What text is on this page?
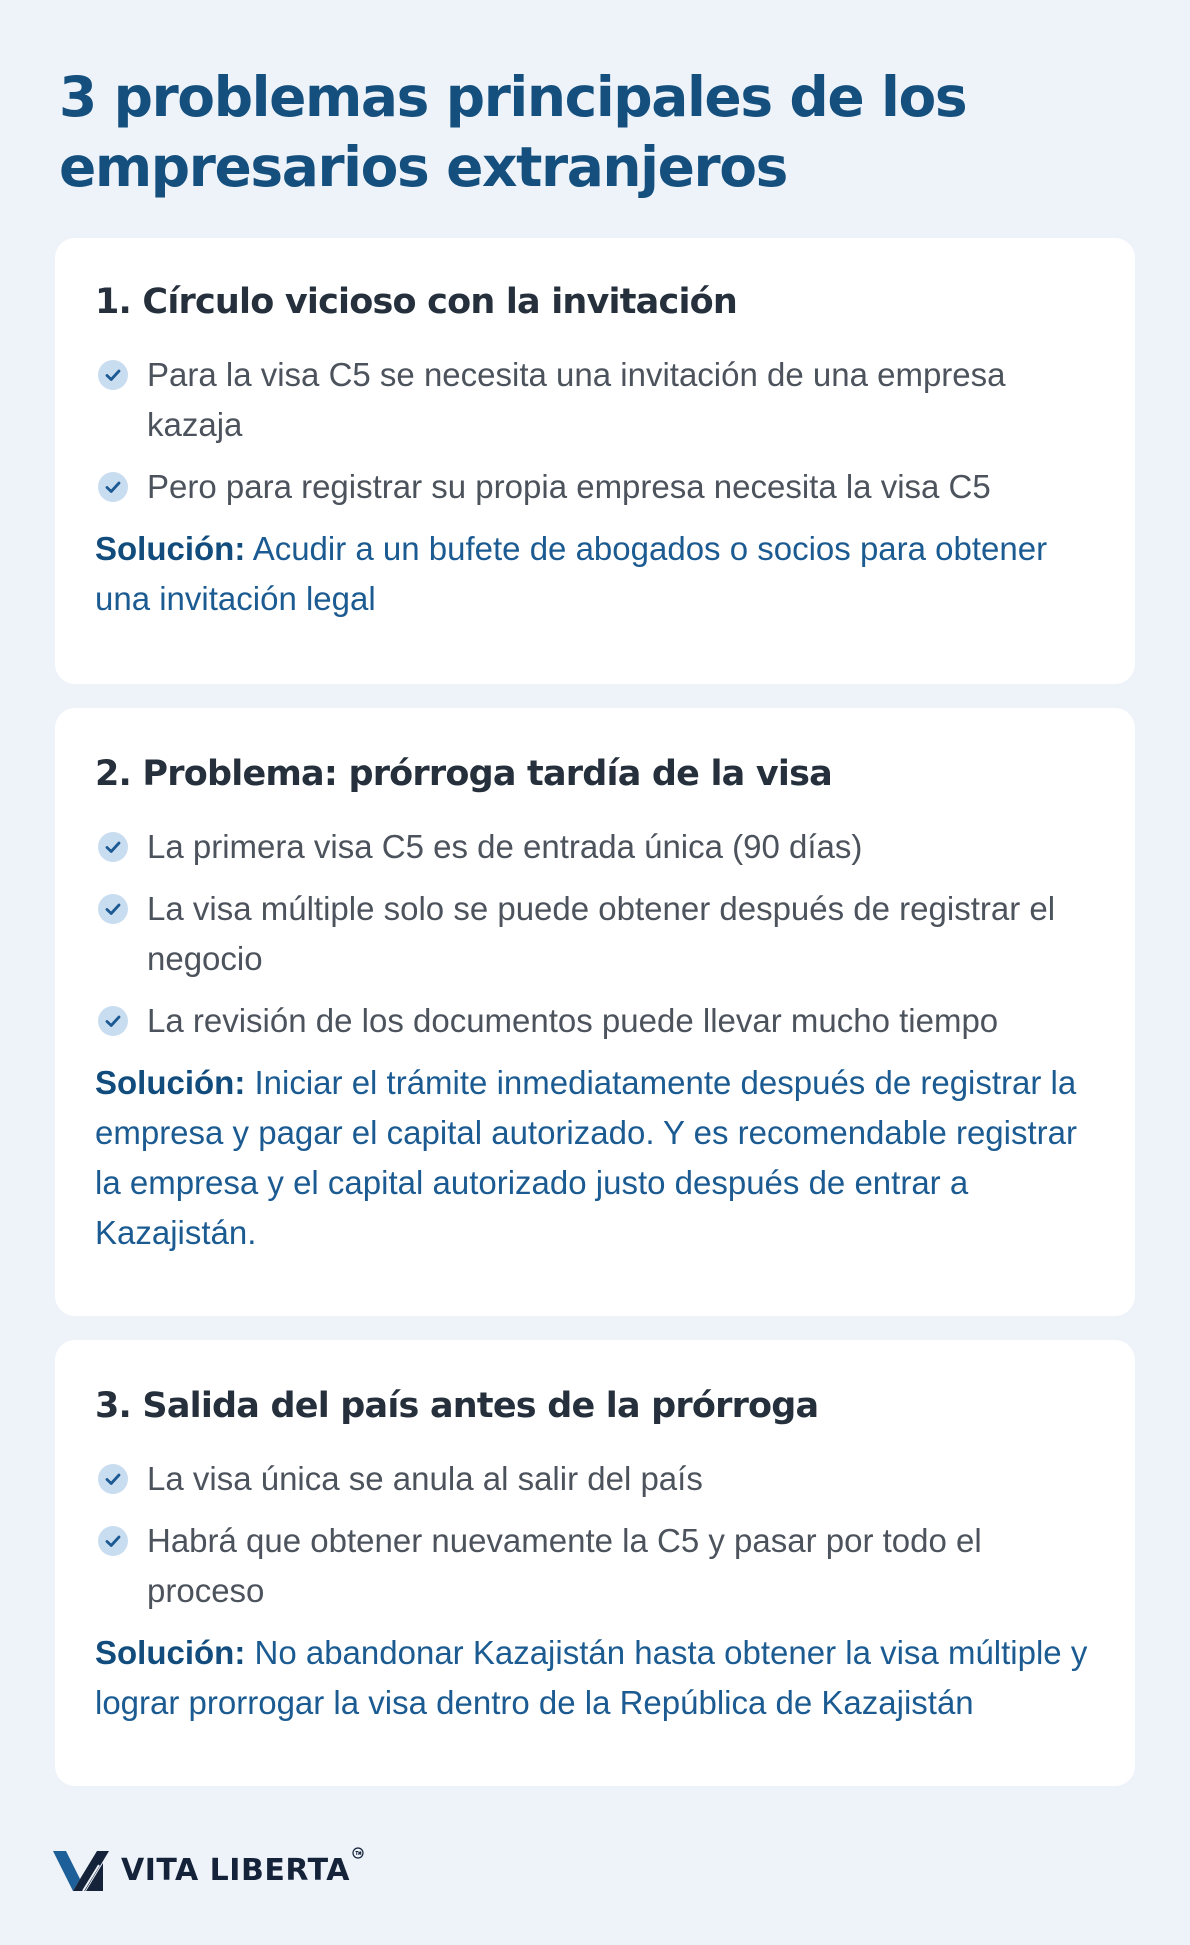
3 problemas principales de los empresarios extranjeros
1. Círculo vicioso con la invitación
Para la visa C5 se necesita una invitación de una empresa kazaja
Pero para registrar su propia empresa necesita la visa C5

Solución: Acudir a un bufete de abogados o socios para obtener una invitación legal

2. Problema: prórroga tardía de la visa
La primera visa C5 es de entrada única (90 días)
La visa múltiple solo se puede obtener después de registrar el negocio
La revisión de los documentos puede llevar mucho tiempo

Solución: Iniciar el trámite inmediatamente después de registrar la empresa y pagar el capital autorizado. Y es recomendable registrar la empresa y el capital autorizado justo después de entrar a Kazajistán.

3. Salida del país antes de la prórroga
La visa única se anula al salir del país
Habrá que obtener nuevamente la C5 y pasar por todo el proceso

Solución: No abandonar Kazajistán hasta obtener la visa múltiple y lograr prorrogar la visa dentro de la República de Kazajistán

VITA LIBERTA
